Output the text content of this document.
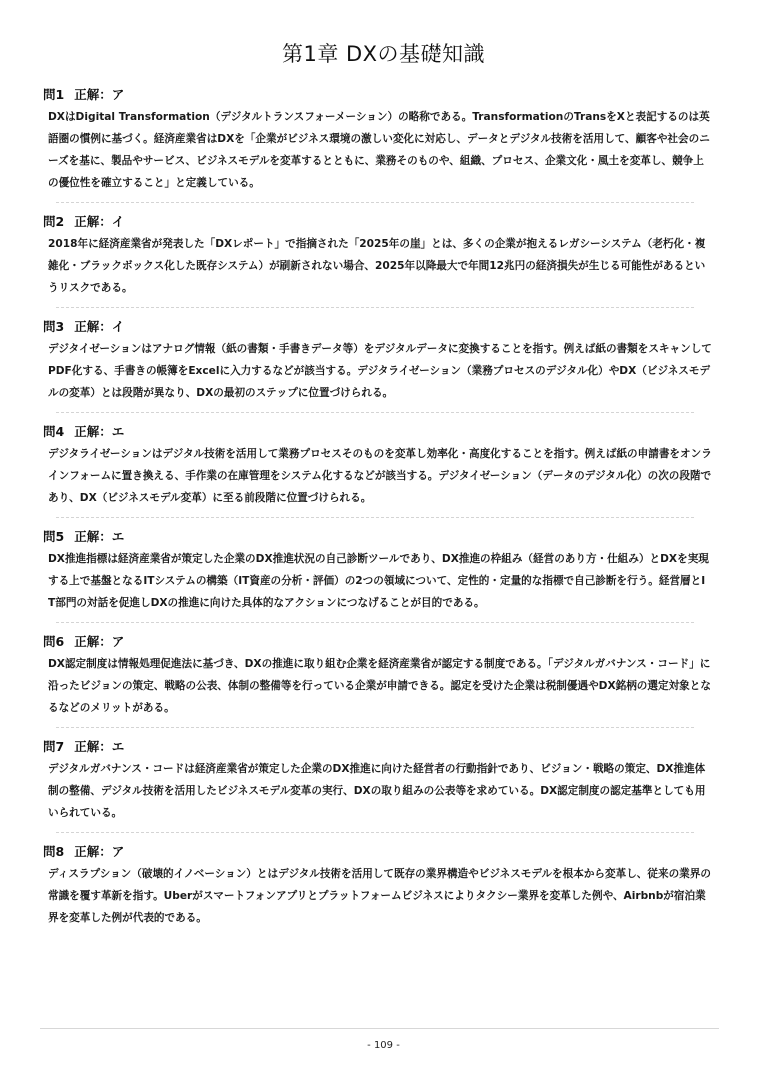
第1章 DXの基礎知識
問1 正解：ア
DXはDigital Transformation（デジタルトランスフォーメーション）の略称である。TransformationのTransをXと表記するのは英語圏の慣例に基づく。経済産業省はDXを「企業がビジネス環境の激しい変化に対応し、データとデジタル技術を活用して、顧客や社会のニーズを基に、製品やサービス、ビジネスモデルを変革するとともに、業務そのものや、組織、プロセス、企業文化・風土を変革し、競争上の優位性を確立すること」と定義している。
問2 正解：イ
2018年に経済産業省が発表した「DXレポート」で指摘された「2025年の崖」とは、多くの企業が抱えるレガシーシステム（老朽化・複雑化・ブラックボックス化した既存システム）が刷新されない場合、2025年以降最大で年間12兆円の経済損失が生じる可能性があるというリスクである。
問3 正解：イ
デジタイゼーションはアナログ情報（紙の書類・手書きデータ等）をデジタルデータに変換することを指す。例えば紙の書類をスキャンしてPDF化する、手書きの帳簿をExcelに入力するなどが該当する。デジタライゼーション（業務プロセスのデジタル化）やDX（ビジネスモデルの変革）とは段階が異なり、DXの最初のステップに位置づけられる。
問4 正解：エ
デジタライゼーションはデジタル技術を活用して業務プロセスそのものを変革し効率化・高度化することを指す。例えば紙の申請書をオンラインフォームに置き換える、手作業の在庫管理をシステム化するなどが該当する。デジタイゼーション（データのデジタル化）の次の段階であり、DX（ビジネスモデル変革）に至る前段階に位置づけられる。
問5 正解：エ
DX推進指標は経済産業省が策定した企業のDX推進状況の自己診断ツールであり、DX推進の枠組み（経営のあり方・仕組み）とDXを実現する上で基盤となるITシステムの構築（IT資産の分析・評価）の2つの領域について、定性的・定量的な指標で自己診断を行う。経営層とIT部門の対話を促進しDXの推進に向けた具体的なアクションにつなげることが目的である。
問6 正解：ア
DX認定制度は情報処理促進法に基づき、DXの推進に取り組む企業を経済産業省が認定する制度である。「デジタルガバナンス・コード」に沿ったビジョンの策定、戦略の公表、体制の整備等を行っている企業が申請できる。認定を受けた企業は税制優遇やDX銘柄の選定対象となるなどのメリットがある。
問7 正解：エ
デジタルガバナンス・コードは経済産業省が策定した企業のDX推進に向けた経営者の行動指針であり、ビジョン・戦略の策定、DX推進体制の整備、デジタル技術を活用したビジネスモデル変革の実行、DXの取り組みの公表等を求めている。DX認定制度の認定基準としても用いられている。
問8 正解：ア
ディスラプション（破壊的イノベーション）とはデジタル技術を活用して既存の業界構造やビジネスモデルを根本から変革し、従来の業界の常識を覆す革新を指す。Uberがスマートフォンアプリとプラットフォームビジネスによりタクシー業界を変革した例や、Airbnbが宿泊業界を変革した例が代表的である。
- 109 -
